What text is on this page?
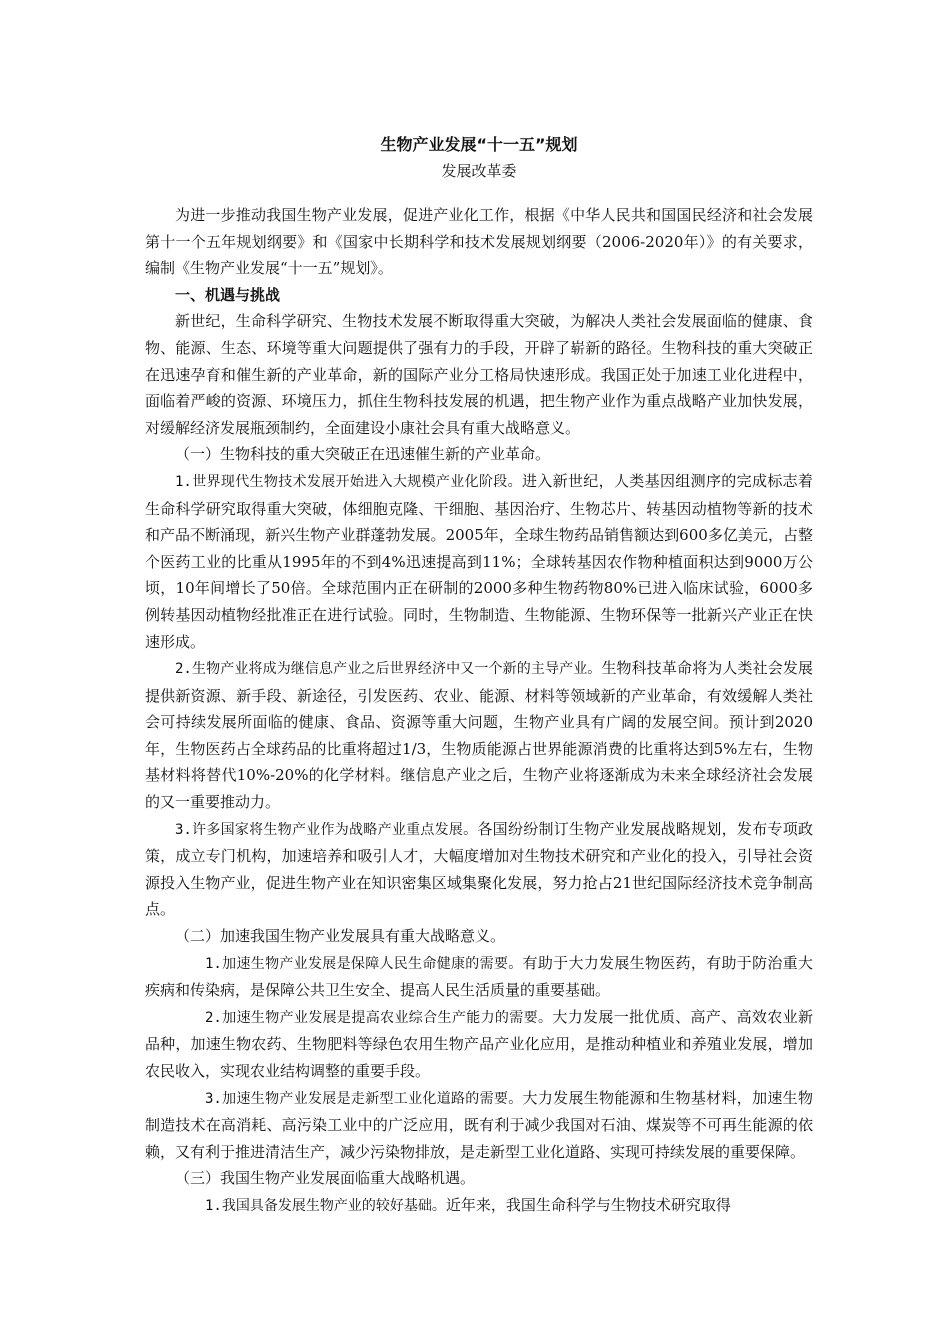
生物产业发展“十一五”规划

发展改革委

为进一步推动我国生物产业发展，促进产业化工作，根据《中华人民共和国国民经济和社会发展第十一个五年规划纲要》和《国家中长期科学和技术发展规划纲要（2006-2020年）》的有关要求，编制《生物产业发展“十一五”规划》。

一、机遇与挑战

新世纪，生命科学研究、生物技术发展不断取得重大突破，为解决人类社会发展面临的健康、食物、能源、生态、环境等重大问题提供了强有力的手段，开辟了崭新的路径。生物科技的重大突破正在迅速孕育和催生新的产业革命，新的国际产业分工格局快速形成。我国正处于加速工业化进程中，面临着严峻的资源、环境压力，抓住生物科技发展的机遇，把生物产业作为重点战略产业加快发展，对缓解经济发展瓶颈制约，全面建设小康社会具有重大战略意义。

（一）生物科技的重大突破正在迅速催生新的产业革命。

1.世界现代生物技术发展开始进入大规模产业化阶段。进入新世纪，人类基因组测序的完成标志着生命科学研究取得重大突破，体细胞克隆、干细胞、基因治疗、生物芯片、转基因动植物等新的技术和产品不断涌现，新兴生物产业群蓬勃发展。2005年，全球生物药品销售额达到600多亿美元，占整个医药工业的比重从1995年的不到4%迅速提高到11%；全球转基因农作物种植面积达到9000万公顷，10年间增长了50倍。全球范围内正在研制的2000多种生物药物80%已进入临床试验，6000多例转基因动植物经批准正在进行试验。同时，生物制造、生物能源、生物环保等一批新兴产业正在快速形成。

2.生物产业将成为继信息产业之后世界经济中又一个新的主导产业。生物科技革命将为人类社会发展提供新资源、新手段、新途径，引发医药、农业、能源、材料等领域新的产业革命，有效缓解人类社会可持续发展所面临的健康、食品、资源等重大问题，生物产业具有广阔的发展空间。预计到2020年，生物医药占全球药品的比重将超过1/3，生物质能源占世界能源消费的比重将达到5%左右，生物基材料将替代10%-20%的化学材料。继信息产业之后，生物产业将逐渐成为未来全球经济社会发展的又一重要推动力。

3.许多国家将生物产业作为战略产业重点发展。各国纷纷制订生物产业发展战略规划，发布专项政策，成立专门机构，加速培养和吸引人才，大幅度增加对生物技术研究和产业化的投入，引导社会资源投入生物产业，促进生物产业在知识密集区域集聚化发展，努力抢占21世纪国际经济技术竞争制高点。

（二）加速我国生物产业发展具有重大战略意义。

1.加速生物产业发展是保障人民生命健康的需要。有助于大力发展生物医药，有助于防治重大疾病和传染病，是保障公共卫生安全、提高人民生活质量的重要基础。

2.加速生物产业发展是提高农业综合生产能力的需要。大力发展一批优质、高产、高效农业新品种，加速生物农药、生物肥料等绿色农用生物产品产业化应用，是推动种植业和养殖业发展，增加农民收入，实现农业结构调整的重要手段。

3.加速生物产业发展是走新型工业化道路的需要。大力发展生物能源和生物基材料，加速生物制造技术在高消耗、高污染工业中的广泛应用，既有利于减少我国对石油、煤炭等不可再生能源的依赖，又有利于推进清洁生产，减少污染物排放，是走新型工业化道路、实现可持续发展的重要保障。

（三）我国生物产业发展面临重大战略机遇。

1.我国具备发展生物产业的较好基础。近年来，我国生命科学与生物技术研究取得
